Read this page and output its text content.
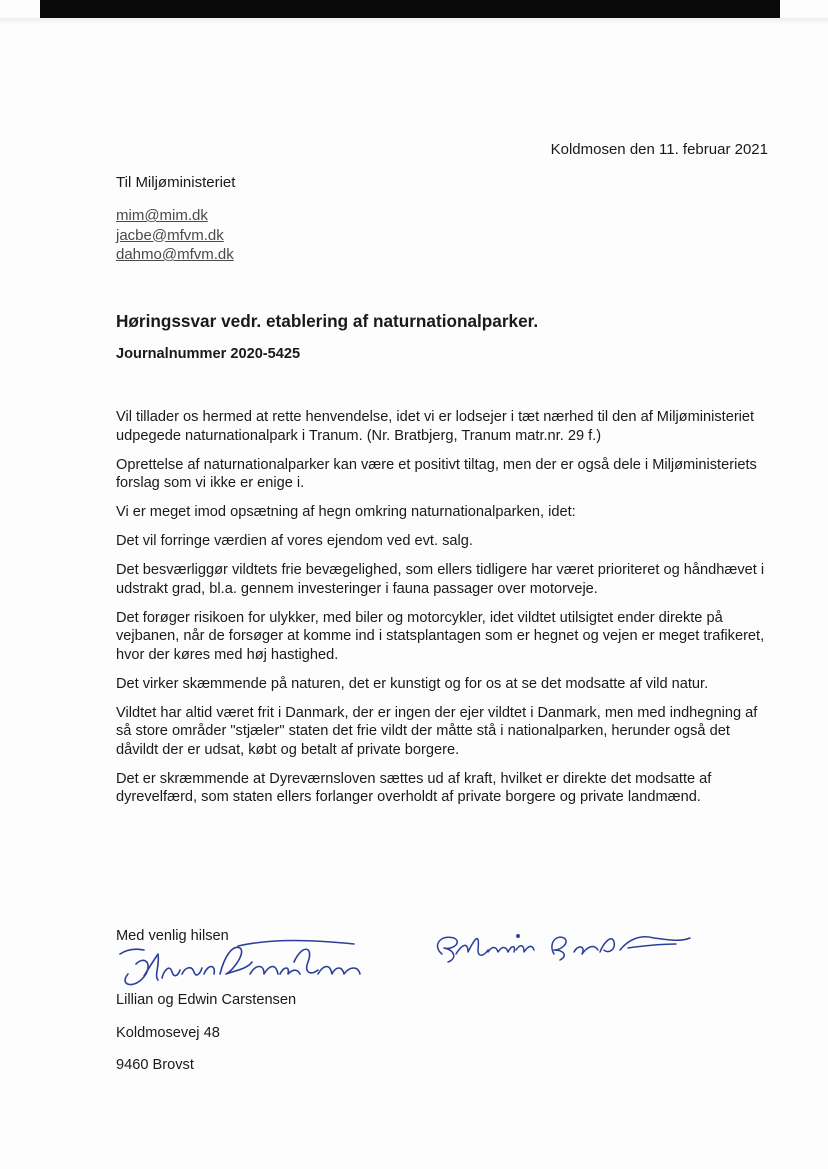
Koldmosen den 11. februar 2021
Til Miljøministeriet
mim@mim.dk
jacbe@mfvm.dk
dahmo@mfvm.dk
Høringssvar vedr. etablering af naturnationalparker.
Journalnummer 2020-5425

Vil tillader os hermed at rette henvendelse, idet vi er lodsejer i tæt nærhed til den af Miljøministeriet udpegede naturnationalpark i Tranum. (Nr. Bratbjerg, Tranum matr.nr. 29 f.)

Oprettelse af naturnationalparker kan være et positivt tiltag, men der er også dele i Miljøministeriets forslag som vi ikke er enige i.

Vi er meget imod opsætning af hegn omkring naturnationalparken, idet:

Det vil forringe værdien af vores ejendom ved evt. salg.

Det besværliggør vildtets frie bevægelighed, som ellers tidligere har været prioriteret og håndhævet i udstrakt grad, bl.a. gennem investeringer i fauna passager over motorveje.

Det forøger risikoen for ulykker, med biler og motorcykler, idet vildtet utilsigtet ender direkte på vejbanen, når de forsøger at komme ind i statsplantagen som er hegnet og vejen er meget trafikeret, hvor der køres med høj hastighed.

Det virker skæmmende på naturen, det er kunstigt og for os at se det modsatte af vild natur.

Vildtet har altid været frit i Danmark, der er ingen der ejer vildtet i Danmark, men med indhegning af så store områder "stjæler" staten det frie vildt der måtte stå i nationalparken, herunder også det dåvildt der er udsat, købt og betalt af private borgere.

Det er skræmmende at Dyreværnsloven sættes ud af kraft, hvilket er direkte det modsatte af dyrevelfærd, som staten ellers forlanger overholdt af private borgere og private landmænd.

Med venlig hilsen
Lillian og Edwin Carstensen
Koldmosevej 48
9460 Brovst
